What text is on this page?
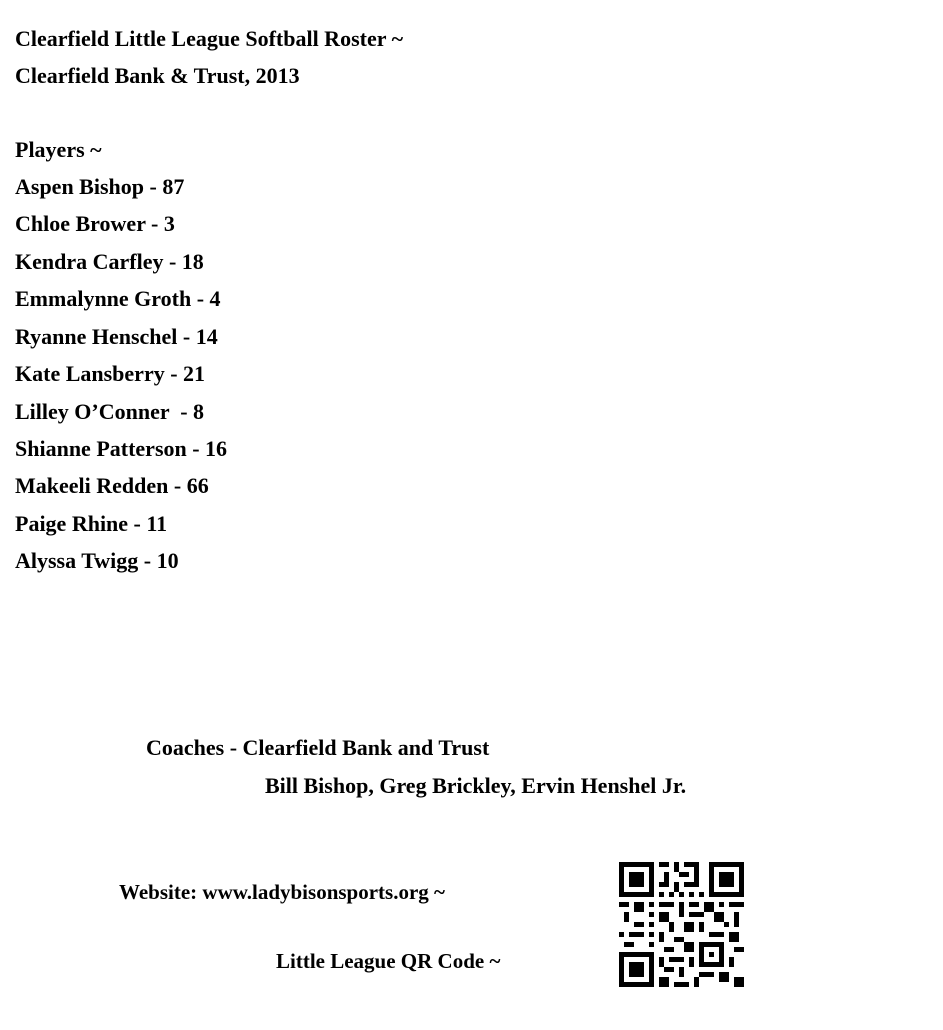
Clearfield Little League Softball Roster ~
Clearfield Bank & Trust, 2013
Players ~
Aspen Bishop - 87
Chloe Brower - 3
Kendra Carfley - 18
Emmalynne Groth - 4
Ryanne Henschel - 14
Kate Lansberry - 21
Lilley O’Conner  - 8
Shianne Patterson - 16
Makeeli Redden - 66
Paige Rhine - 11
Alyssa Twigg - 10
Coaches - Clearfield Bank and Trust
Bill Bishop, Greg Brickley, Ervin Henshel Jr.
Website: www.ladybisonsports.org ~
Little League QR Code ~
